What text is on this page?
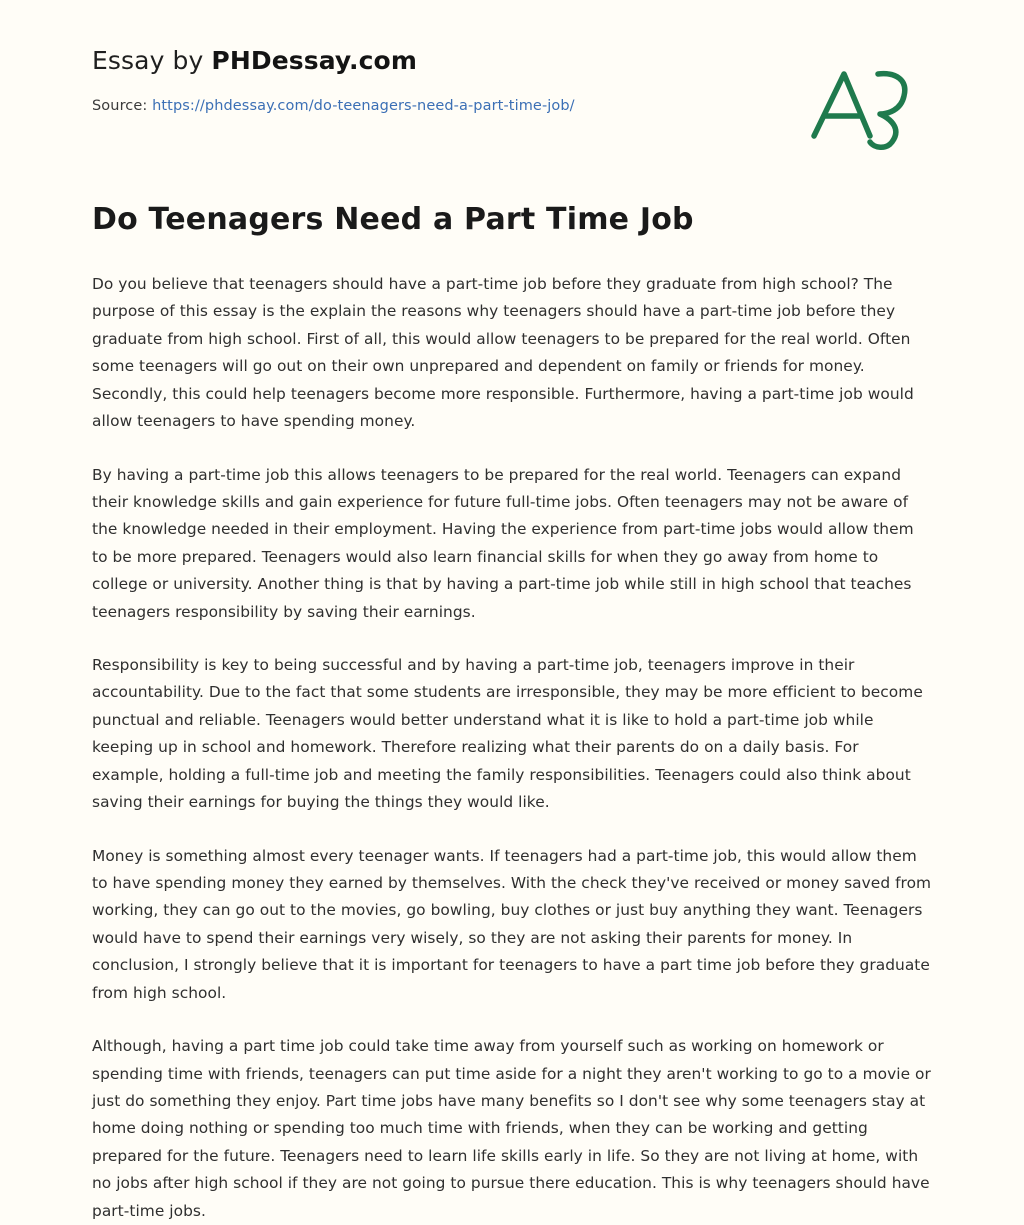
Essay by PHDessay.com

Source: https://phdessay.com/do-teenagers-need-a-part-time-job/
Do Teenagers Need a Part Time Job

Do you believe that teenagers should have a part-time job before they graduate from high school? The purpose of this essay is the explain the reasons why teenagers should have a part-time job before they graduate from high school. First of all, this would allow teenagers to be prepared for the real world. Often some teenagers will go out on their own unprepared and dependent on family or friends for money. Secondly, this could help teenagers become more responsible. Furthermore, having a part-time job would allow teenagers to have spending money.

By having a part-time job this allows teenagers to be prepared for the real world. Teenagers can expand their knowledge skills and gain experience for future full-time jobs. Often teenagers may not be aware of the knowledge needed in their employment. Having the experience from part-time jobs would allow them to be more prepared. Teenagers would also learn financial skills for when they go away from home to college or university. Another thing is that by having a part-time job while still in high school that teaches teenagers responsibility by saving their earnings.

Responsibility is key to being successful and by having a part-time job, teenagers improve in their accountability. Due to the fact that some students are irresponsible, they may be more efficient to become punctual and reliable. Teenagers would better understand what it is like to hold a part-time job while keeping up in school and homework. Therefore realizing what their parents do on a daily basis. For example, holding a full-time job and meeting the family responsibilities. Teenagers could also think about saving their earnings for buying the things they would like.

Money is something almost every teenager wants. If teenagers had a part-time job, this would allow them to have spending money they earned by themselves. With the check they've received or money saved from working, they can go out to the movies, go bowling, buy clothes or just buy anything they want. Teenagers would have to spend their earnings very wisely, so they are not asking their parents for money. In conclusion, I strongly believe that it is important for teenagers to have a part time job before they graduate from high school.

Although, having a part time job could take time away from yourself such as working on homework or spending time with friends, teenagers can put time aside for a night they aren't working to go to a movie or just do something they enjoy. Part time jobs have many benefits so I don't see why some teenagers stay at home doing nothing or spending too much time with friends, when they can be working and getting prepared for the future. Teenagers need to learn life skills early in life. So they are not living at home, with no jobs after high school if they are not going to pursue there education. This is why teenagers should have part-time jobs.
